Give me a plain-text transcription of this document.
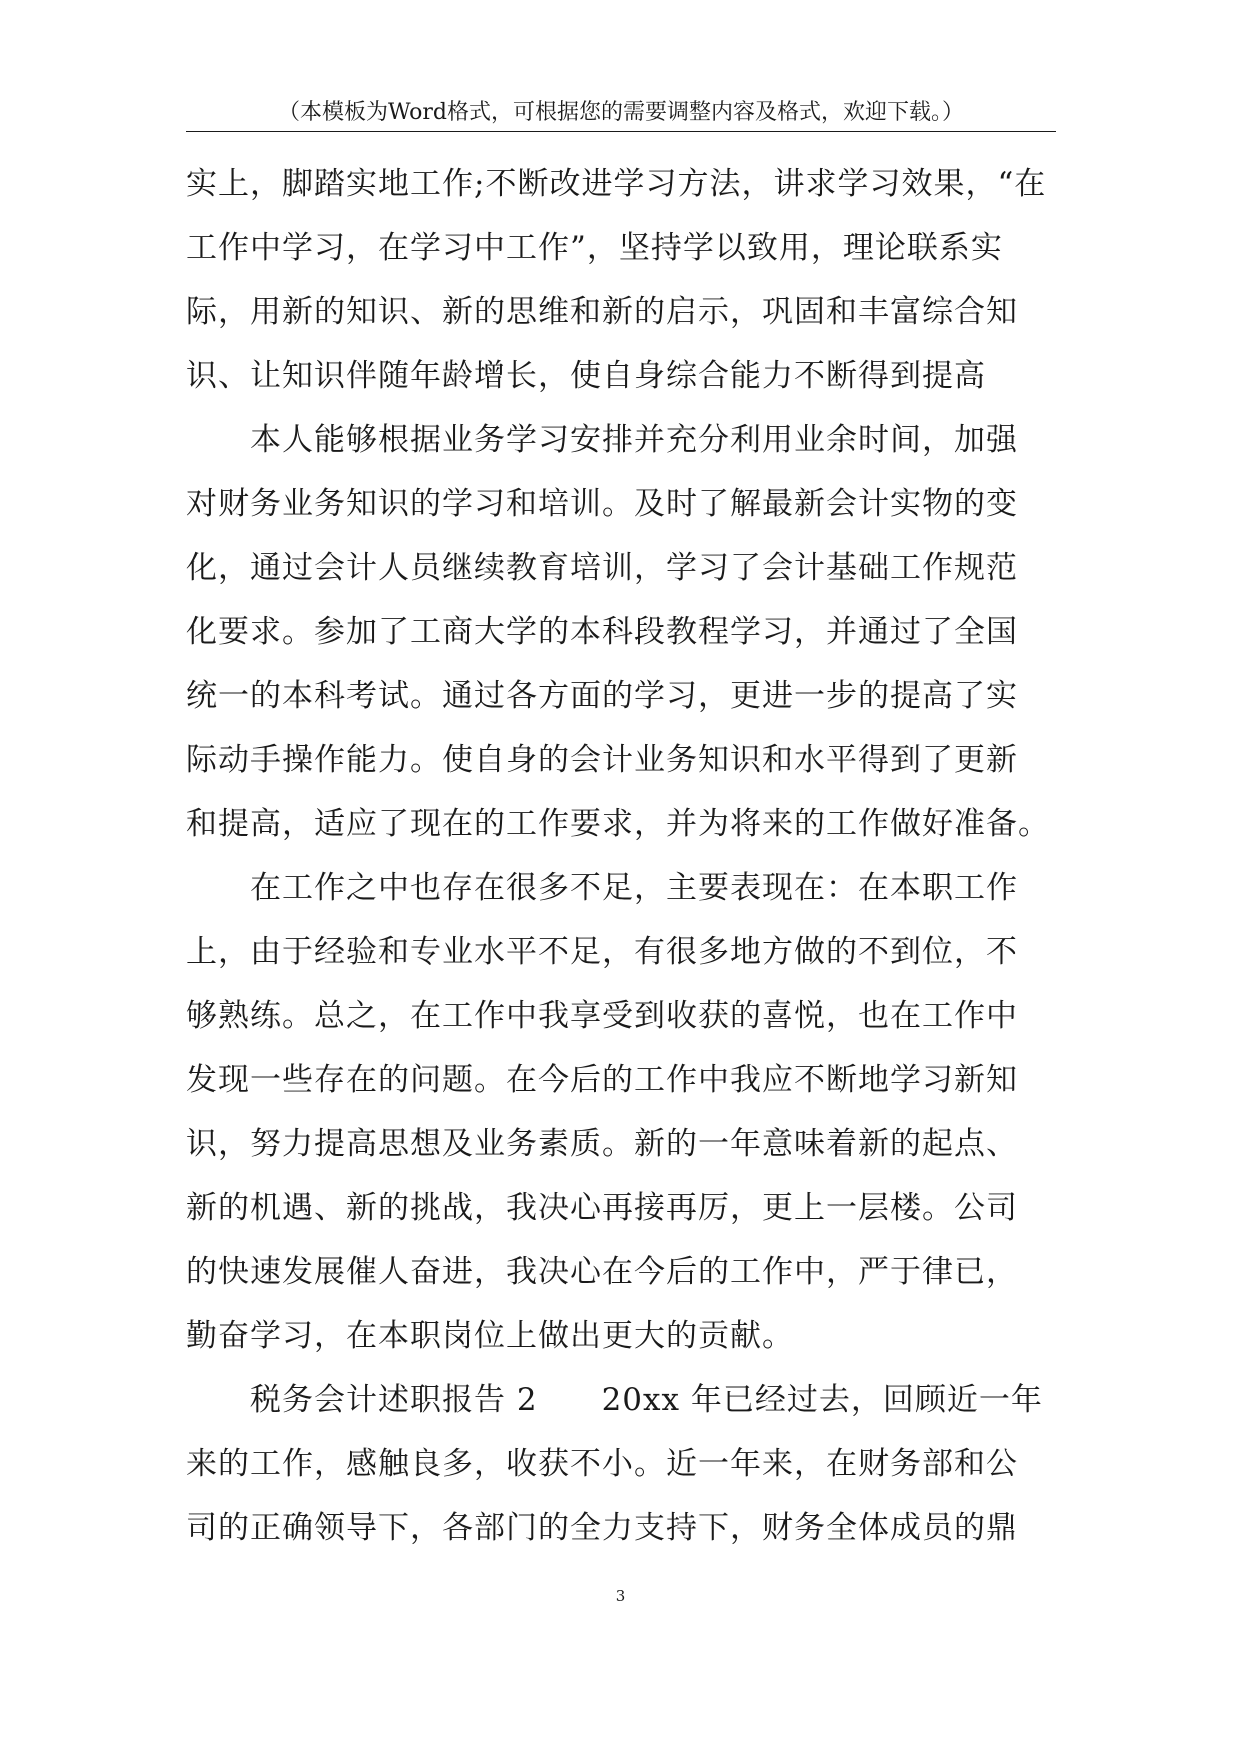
（本模板为Word格式，可根据您的需要调整内容及格式，欢迎下载。）
实上，脚踏实地工作;不断改进学习方法，讲求学习效果，“在
工作中学习，在学习中工作”，坚持学以致用，理论联系实
际，用新的知识、新的思维和新的启示，巩固和丰富综合知
识、让知识伴随年龄增长，使自身综合能力不断得到提高
本人能够根据业务学习安排并充分利用业余时间，加强
对财务业务知识的学习和培训。及时了解最新会计实物的变
化，通过会计人员继续教育培训，学习了会计基础工作规范
化要求。参加了工商大学的本科段教程学习，并通过了全国
统一的本科考试。通过各方面的学习，更进一步的提高了实
际动手操作能力。使自身的会计业务知识和水平得到了更新
和提高，适应了现在的工作要求，并为将来的工作做好准备。
在工作之中也存在很多不足，主要表现在：在本职工作
上，由于经验和专业水平不足，有很多地方做的不到位，不
够熟练。总之，在工作中我享受到收获的喜悦，也在工作中
发现一些存在的问题。在今后的工作中我应不断地学习新知
识，努力提高思想及业务素质。新的一年意味着新的起点、
新的机遇、新的挑战，我决心再接再厉，更上一层楼。公司
的快速发展催人奋进，我决心在今后的工作中，严于律已，
勤奋学习，在本职岗位上做出更大的贡献。
税务会计述职报告 2　　20xx 年已经过去，回顾近一年
来的工作，感触良多，收获不小。近一年来，在财务部和公
司的正确领导下，各部门的全力支持下，财务全体成员的鼎
3
